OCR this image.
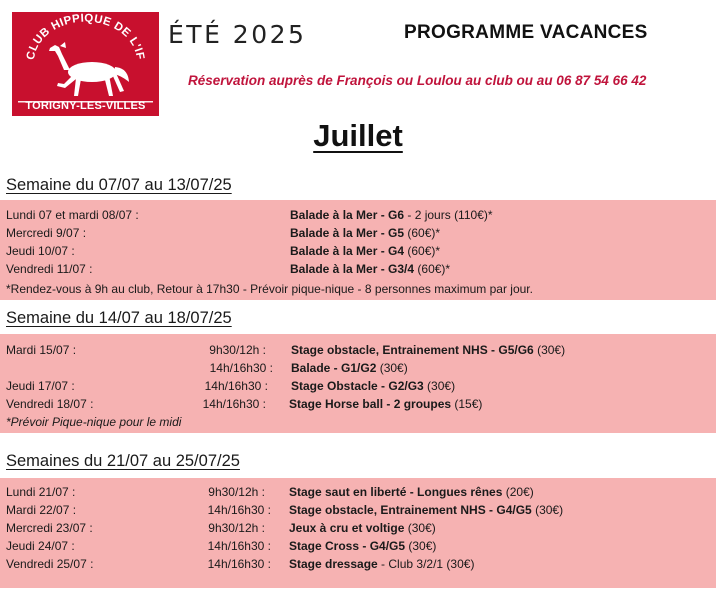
CLUB HIPPIQUE DE L'IF
TORIGNY-LES-VILLES
ÉTÉ 2025	PROGRAMME VACANCES
Réservation auprès de François ou Loulou au club ou au 06 87 54 66 42
Juillet
Semaine du 07/07 au 13/07/25
Lundi 07 et mardi 08/07 :	Balade à la Mer - G6 - 2 jours (110€)*
Mercredi 9/07 :	Balade à la Mer - G5 (60€)*
Jeudi 10/07 :	Balade à la Mer - G4 (60€)*
Vendredi 11/07 :	Balade à la Mer - G3/4 (60€)*
*Rendez-vous à 9h au club, Retour à 17h30 - Prévoir pique-nique - 8 personnes maximum par jour.
Semaine du 14/07 au 18/07/25
Mardi 15/07 :	9h30/12h : Stage obstacle, Entrainement NHS - G5/G6 (30€)
14h/16h30 : Balade - G1/G2 (30€)
Jeudi 17/07 :	14h/16h30 : Stage Obstacle - G2/G3 (30€)
Vendredi 18/07 :	14h/16h30 : Stage Horse ball - 2 groupes (15€)
*Prévoir Pique-nique pour le midi
Semaines du 21/07 au 25/07/25
Lundi 21/07 :	9h30/12h : Stage saut en liberté - Longues rênes (20€)
Mardi 22/07 :	14h/16h30 : Stage obstacle, Entrainement NHS - G4/G5 (30€)
Mercredi 23/07 :	9h30/12h : Jeux à cru et voltige (30€)
Jeudi 24/07 :	14h/16h30 : Stage Cross - G4/G5 (30€)
Vendredi 25/07 :	14h/16h30 : Stage dressage - Club 3/2/1 (30€)
